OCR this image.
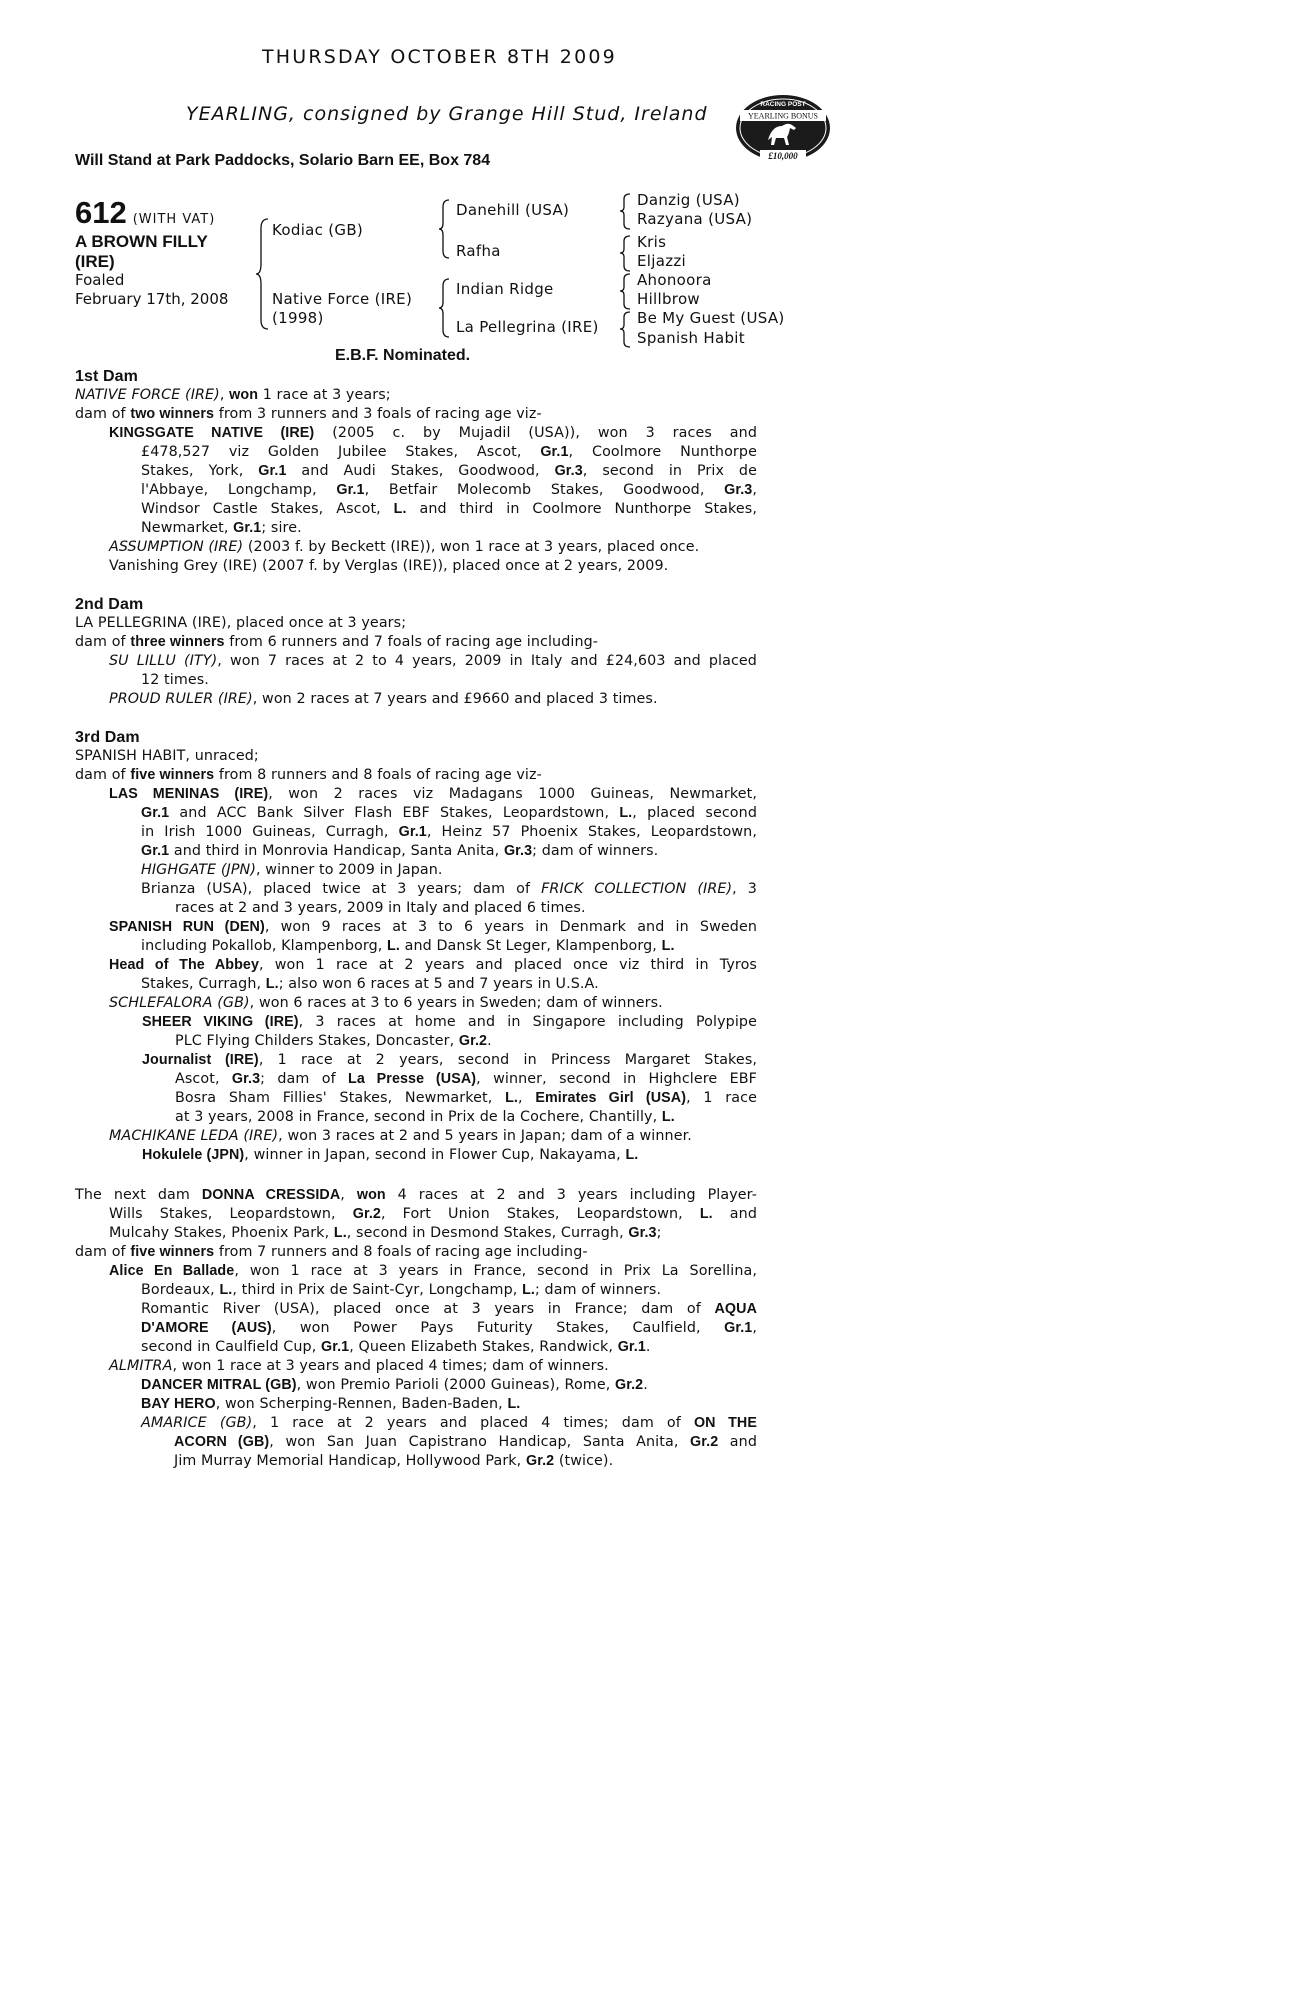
THURSDAY OCTOBER 8TH 2009
YEARLING, consigned by Grange Hill Stud, Ireland
Will Stand at Park Paddocks, Solario Barn EE, Box 784
RACING POST
YEARLING BONUS
£10,000
612 (WITH VAT)
A BROWN FILLY
(IRE)
Foaled
February 17th, 2008
Kodiac (GB)
Native Force (IRE)
(1998)
Danehill (USA)
Rafha
Indian Ridge
La Pellegrina (IRE)
Danzig (USA)
Razyana (USA)
Kris
Eljazzi
Ahonoora
Hillbrow
Be My Guest (USA)
Spanish Habit
E.B.F. Nominated.
1st Dam
NATIVE FORCE (IRE), won 1 race at 3 years;
dam of two winners from 3 runners and 3 foals of racing age viz-
KINGSGATE NATIVE (IRE) (2005 c. by Mujadil (USA)), won 3 races and
£478,527 viz Golden Jubilee Stakes, Ascot, Gr.1, Coolmore Nunthorpe
Stakes, York, Gr.1 and Audi Stakes, Goodwood, Gr.3, second in Prix de
l'Abbaye, Longchamp, Gr.1, Betfair Molecomb Stakes, Goodwood, Gr.3,
Windsor Castle Stakes, Ascot, L. and third in Coolmore Nunthorpe Stakes,
Newmarket, Gr.1; sire.
ASSUMPTION (IRE) (2003 f. by Beckett (IRE)), won 1 race at 3 years, placed once.
Vanishing Grey (IRE) (2007 f. by Verglas (IRE)), placed once at 2 years, 2009.
2nd Dam
LA PELLEGRINA (IRE), placed once at 3 years;
dam of three winners from 6 runners and 7 foals of racing age including-
SU LILLU (ITY), won 7 races at 2 to 4 years, 2009 in Italy and £24,603 and placed
12 times.
PROUD RULER (IRE), won 2 races at 7 years and £9660 and placed 3 times.
3rd Dam
SPANISH HABIT, unraced;
dam of five winners from 8 runners and 8 foals of racing age viz-
LAS MENINAS (IRE), won 2 races viz Madagans 1000 Guineas, Newmarket,
Gr.1 and ACC Bank Silver Flash EBF Stakes, Leopardstown, L., placed second
in Irish 1000 Guineas, Curragh, Gr.1, Heinz 57 Phoenix Stakes, Leopardstown,
Gr.1 and third in Monrovia Handicap, Santa Anita, Gr.3; dam of winners.
HIGHGATE (JPN), winner to 2009 in Japan.
Brianza (USA), placed twice at 3 years; dam of FRICK COLLECTION (IRE), 3
races at 2 and 3 years, 2009 in Italy and placed 6 times.
SPANISH RUN (DEN), won 9 races at 3 to 6 years in Denmark and in Sweden
including Pokallob, Klampenborg, L. and Dansk St Leger, Klampenborg, L.
Head of The Abbey, won 1 race at 2 years and placed once viz third in Tyros
Stakes, Curragh, L.; also won 6 races at 5 and 7 years in U.S.A.
SCHLEFALORA (GB), won 6 races at 3 to 6 years in Sweden; dam of winners.
SHEER VIKING (IRE), 3 races at home and in Singapore including Polypipe
PLC Flying Childers Stakes, Doncaster, Gr.2.
Journalist (IRE), 1 race at 2 years, second in Princess Margaret Stakes,
Ascot, Gr.3; dam of La Presse (USA), winner, second in Highclere EBF
Bosra Sham Fillies' Stakes, Newmarket, L., Emirates Girl (USA), 1 race
at 3 years, 2008 in France, second in Prix de la Cochere, Chantilly, L.
MACHIKANE LEDA (IRE), won 3 races at 2 and 5 years in Japan; dam of a winner.
Hokulele (JPN), winner in Japan, second in Flower Cup, Nakayama, L.
The next dam DONNA CRESSIDA, won 4 races at 2 and 3 years including Player-
Wills Stakes, Leopardstown, Gr.2, Fort Union Stakes, Leopardstown, L. and
Mulcahy Stakes, Phoenix Park, L., second in Desmond Stakes, Curragh, Gr.3;
dam of five winners from 7 runners and 8 foals of racing age including-
Alice En Ballade, won 1 race at 3 years in France, second in Prix La Sorellina,
Bordeaux, L., third in Prix de Saint-Cyr, Longchamp, L.; dam of winners.
Romantic River (USA), placed once at 3 years in France; dam of AQUA
D'AMORE (AUS), won Power Pays Futurity Stakes, Caulfield, Gr.1,
second in Caulfield Cup, Gr.1, Queen Elizabeth Stakes, Randwick, Gr.1.
ALMITRA, won 1 race at 3 years and placed 4 times; dam of winners.
DANCER MITRAL (GB), won Premio Parioli (2000 Guineas), Rome, Gr.2.
BAY HERO, won Scherping-Rennen, Baden-Baden, L.
AMARICE (GB), 1 race at 2 years and placed 4 times; dam of ON THE
ACORN (GB), won San Juan Capistrano Handicap, Santa Anita, Gr.2 and
Jim Murray Memorial Handicap, Hollywood Park, Gr.2 (twice).
